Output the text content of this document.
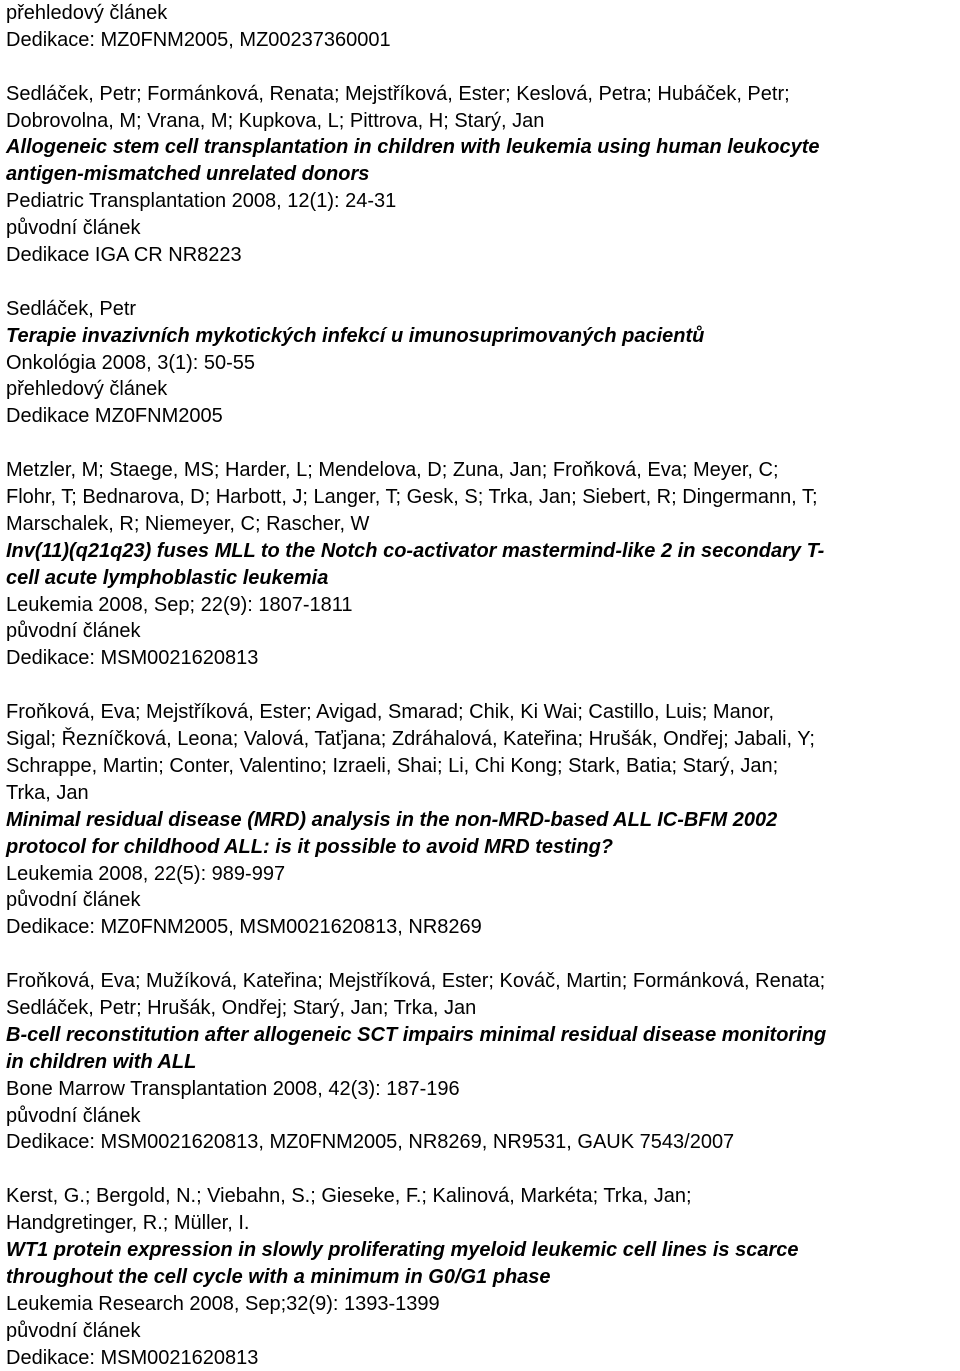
přehledový článek
Dedikace: MZ0FNM2005, MZ00237360001
Sedláček, Petr; Formánková, Renata; Mejstříková, Ester; Keslová, Petra; Hubáček, Petr;
Dobrovolna, M; Vrana, M; Kupkova, L; Pittrova, H; Starý, Jan
Allogeneic stem cell transplantation in children with leukemia using human leukocyte
antigen-mismatched unrelated donors
Pediatric Transplantation 2008, 12(1): 24-31
původní článek
Dedikace IGA CR NR8223
Sedláček, Petr
Terapie invazivních mykotických infekcí u imunosuprimovaných pacientů
Onkológia 2008, 3(1): 50-55
přehledový článek
Dedikace MZ0FNM2005
Metzler, M; Staege, MS; Harder, L; Mendelova, D; Zuna, Jan; Froňková, Eva; Meyer, C;
Flohr, T; Bednarova, D; Harbott, J; Langer, T; Gesk, S; Trka, Jan; Siebert, R; Dingermann, T;
Marschalek, R; Niemeyer, C; Rascher, W
Inv(11)(q21q23) fuses MLL to the Notch co-activator mastermind-like 2 in secondary T-
cell acute lymphoblastic leukemia
Leukemia 2008, Sep; 22(9): 1807-1811
původní článek
Dedikace: MSM0021620813
Froňková, Eva; Mejstříková, Ester; Avigad, Smarad; Chik, Ki Wai; Castillo, Luis; Manor,
Sigal; Řezníčková, Leona; Valová, Taťjana; Zdráhalová, Kateřina; Hrušák, Ondřej; Jabali, Y;
Schrappe, Martin; Conter, Valentino; Izraeli, Shai; Li, Chi Kong; Stark, Batia; Starý, Jan;
Trka, Jan
Minimal residual disease (MRD) analysis in the non-MRD-based ALL IC-BFM 2002
protocol for childhood ALL: is it possible to avoid MRD testing?
Leukemia 2008, 22(5): 989-997
původní článek
Dedikace: MZ0FNM2005, MSM0021620813, NR8269
Froňková, Eva; Mužíková, Kateřina; Mejstříková, Ester; Kováč, Martin; Formánková, Renata;
Sedláček, Petr; Hrušák, Ondřej; Starý, Jan; Trka, Jan
B-cell reconstitution after allogeneic SCT impairs minimal residual disease monitoring
in children with ALL
Bone Marrow Transplantation 2008, 42(3): 187-196
původní článek
Dedikace: MSM0021620813, MZ0FNM2005, NR8269, NR9531, GAUK 7543/2007
Kerst, G.; Bergold, N.; Viebahn, S.; Gieseke, F.; Kalinová, Markéta; Trka, Jan;
Handgretinger, R.; Müller, I.
WT1 protein expression in slowly proliferating myeloid leukemic cell lines is scarce
throughout the cell cycle with a minimum in G0/G1 phase
Leukemia Research 2008, Sep;32(9): 1393-1399
původní článek
Dedikace: MSM0021620813
